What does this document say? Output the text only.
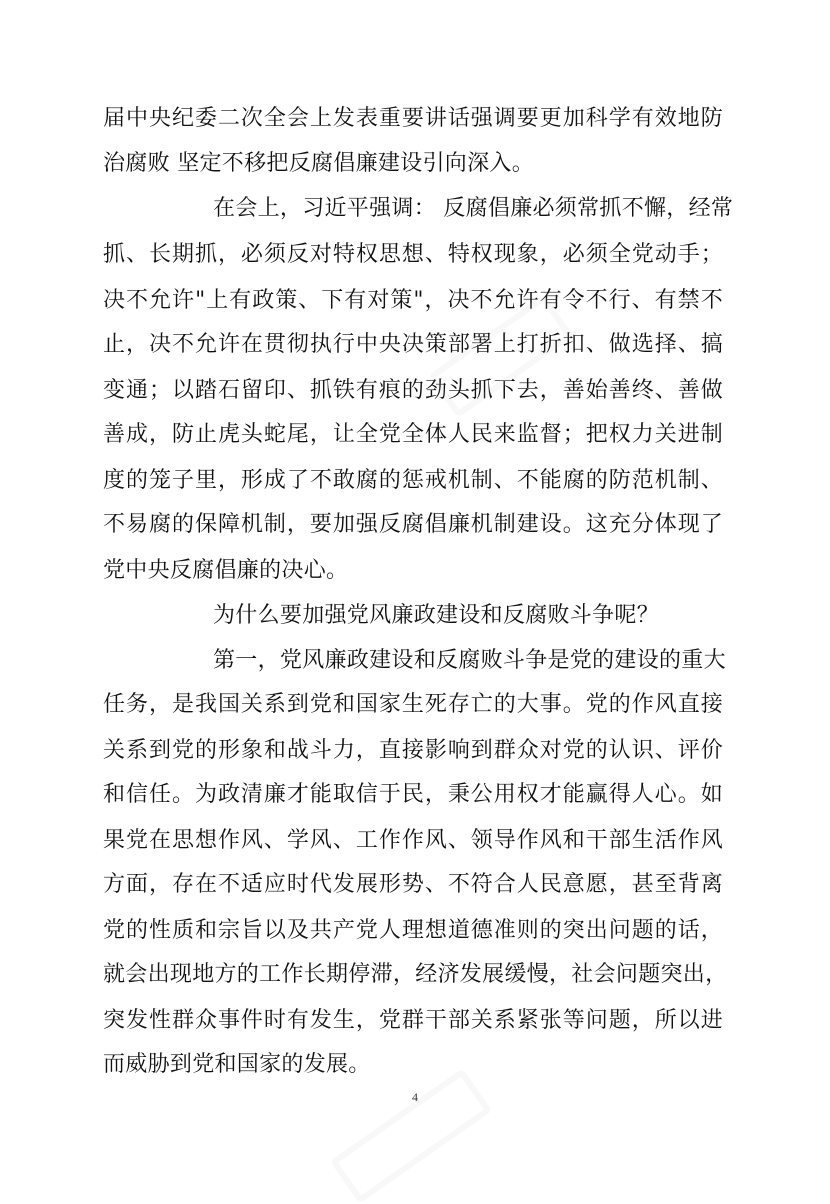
届中央纪委二次全会上发表重要讲话强调要更加科学有效地防
治腐败 坚定不移把反腐倡廉建设引向深入。
在会上，习近平强调： 反腐倡廉必须常抓不懈，经常
抓、长期抓，必须反对特权思想、特权现象，必须全党动手；
决不允许"上有政策、下有对策"，决不允许有令不行、有禁不
止，决不允许在贯彻执行中央决策部署上打折扣、做选择、搞
变通；以踏石留印、抓铁有痕的劲头抓下去，善始善终、善做
善成，防止虎头蛇尾，让全党全体人民来监督；把权力关进制
度的笼子里，形成了不敢腐的惩戒机制、不能腐的防范机制、
不易腐的保障机制，要加强反腐倡廉机制建设。这充分体现了
党中央反腐倡廉的决心。
为什么要加强党风廉政建设和反腐败斗争呢？
第一，党风廉政建设和反腐败斗争是党的建设的重大
任务，是我国关系到党和国家生死存亡的大事。党的作风直接
关系到党的形象和战斗力，直接影响到群众对党的认识、评价
和信任。为政清廉才能取信于民，秉公用权才能赢得人心。如
果党在思想作风、学风、工作作风、领导作风和干部生活作风
方面，存在不适应时代发展形势、不符合人民意愿，甚至背离
党的性质和宗旨以及共产党人理想道德准则的突出问题的话，
就会出现地方的工作长期停滞，经济发展缓慢，社会问题突出，
突发性群众事件时有发生，党群干部关系紧张等问题，所以进
而威胁到党和国家的发展。
4
